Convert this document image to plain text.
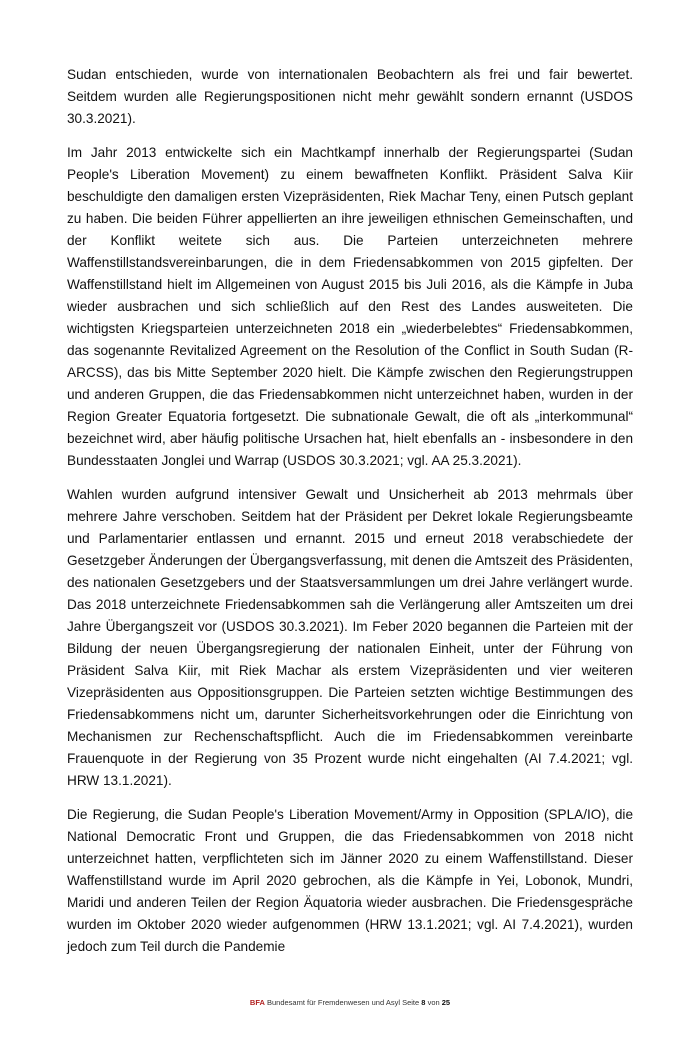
Sudan entschieden, wurde von internationalen Beobachtern als frei und fair bewertet. Seitdem wurden alle Regierungspositionen nicht mehr gewählt sondern ernannt (USDOS 30.3.2021).

Im Jahr 2013 entwickelte sich ein Machtkampf innerhalb der Regierungspartei (Sudan People's Liberation Movement) zu einem bewaffneten Konflikt. Präsident Salva Kiir beschuldigte den damaligen ersten Vizepräsidenten, Riek Machar Teny, einen Putsch geplant zu haben. Die beiden Führer appellierten an ihre jeweiligen ethnischen Gemeinschaften, und der Konflikt weitete sich aus. Die Parteien unterzeichneten mehrere Waffenstillstandsvereinbarungen, die in dem Friedensabkommen von 2015 gipfelten. Der Waffenstillstand hielt im Allgemeinen von August 2015 bis Juli 2016, als die Kämpfe in Juba wieder ausbrachen und sich schließlich auf den Rest des Landes ausweiteten. Die wichtigsten Kriegsparteien unterzeichneten 2018 ein „wiederbelebtes“ Friedensabkommen, das sogenannte Revitalized Agreement on the Resolution of the Conflict in South Sudan (R-ARCSS), das bis Mitte September 2020 hielt. Die Kämpfe zwischen den Regierungstruppen und anderen Gruppen, die das Friedensabkommen nicht unterzeichnet haben, wurden in der Region Greater Equatoria fortgesetzt. Die subnationale Gewalt, die oft als „interkommunal“ bezeichnet wird, aber häufig politische Ursachen hat, hielt ebenfalls an - insbesondere in den Bundesstaaten Jonglei und Warrap (USDOS 30.3.2021; vgl. AA 25.3.2021).

Wahlen wurden aufgrund intensiver Gewalt und Unsicherheit ab 2013 mehrmals über mehrere Jahre verschoben. Seitdem hat der Präsident per Dekret lokale Regierungsbeamte und Parlamentarier entlassen und ernannt. 2015 und erneut 2018 verabschiedete der Gesetzgeber Änderungen der Übergangsverfassung, mit denen die Amtszeit des Präsidenten, des nationalen Gesetzgebers und der Staatsversammlungen um drei Jahre verlängert wurde. Das 2018 unterzeichnete Friedensabkommen sah die Verlängerung aller Amtszeiten um drei Jahre Übergangszeit vor (USDOS 30.3.2021). Im Feber 2020 begannen die Parteien mit der Bildung der neuen Übergangsregierung der nationalen Einheit, unter der Führung von Präsident Salva Kiir, mit Riek Machar als erstem Vizepräsidenten und vier weiteren Vizepräsidenten aus Oppositionsgruppen. Die Parteien setzten wichtige Bestimmungen des Friedensabkommens nicht um, darunter Sicherheitsvorkehrungen oder die Einrichtung von Mechanismen zur Rechenschaftspflicht. Auch die im Friedensabkommen vereinbarte Frauenquote in der Regierung von 35 Prozent wurde nicht eingehalten (AI 7.4.2021; vgl. HRW 13.1.2021).

Die Regierung, die Sudan People's Liberation Movement/Army in Opposition (SPLA/IO), die National Democratic Front und Gruppen, die das Friedensabkommen von 2018 nicht unterzeichnet hatten, verpflichteten sich im Jänner 2020 zu einem Waffenstillstand. Dieser Waffenstillstand wurde im April 2020 gebrochen, als die Kämpfe in Yei, Lobonok, Mundri, Maridi und anderen Teilen der Region Äquatoria wieder ausbrachen. Die Friedensgespräche wurden im Oktober 2020 wieder aufgenommen (HRW 13.1.2021; vgl. AI 7.4.2021), wurden jedoch zum Teil durch die Pandemie

BFA Bundesamt für Fremdenwesen und Asyl Seite 8 von 25
